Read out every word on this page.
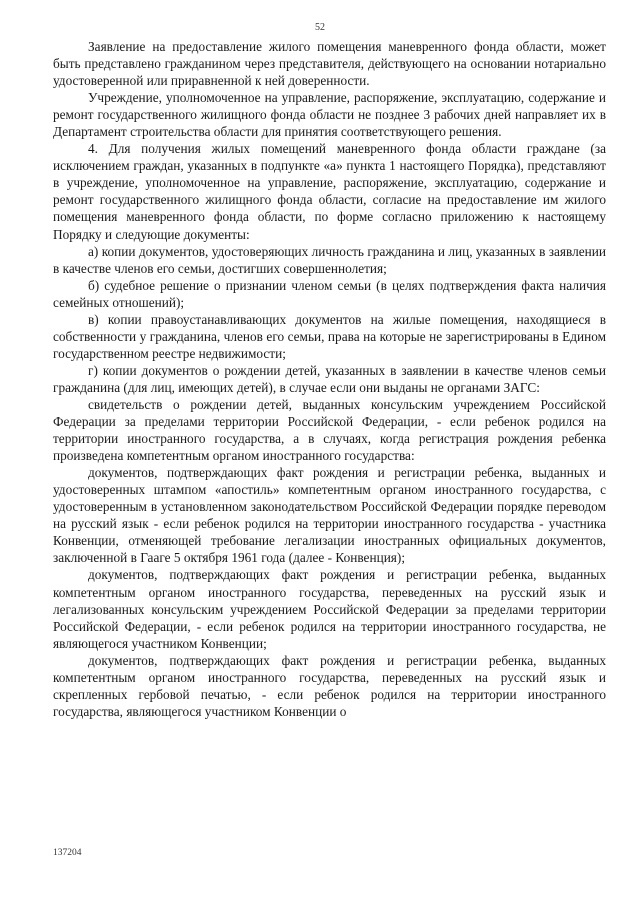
52

Заявление на предоставление жилого помещения маневренного фонда области, может быть представлено гражданином через представителя, действующего на основании нотариально удостоверенной или приравненной к ней доверенности.

Учреждение, уполномоченное на управление, распоряжение, эксплуатацию, содержание и ремонт государственного жилищного фонда области не позднее 3 рабочих дней направляет их в Департамент строительства области для принятия соответствующего решения.

4. Для получения жилых помещений маневренного фонда области граждане (за исключением граждан, указанных в подпункте «а» пункта 1 настоящего Порядка), представляют в учреждение, уполномоченное на управление, распоряжение, эксплуатацию, содержание и ремонт государственного жилищного фонда области, согласие на предоставление им жилого помещения маневренного фонда области, по форме согласно приложению к настоящему Порядку и следующие документы:

а) копии документов, удостоверяющих личность гражданина и лиц, указанных в заявлении в качестве членов его семьи, достигших совершеннолетия;

б) судебное решение о признании членом семьи (в целях подтверждения факта наличия семейных отношений);

в) копии правоустанавливающих документов на жилые помещения, находящиеся в собственности у гражданина, членов его семьи, права на которые не зарегистрированы в Едином государственном реестре недвижимости;

г) копии документов о рождении детей, указанных в заявлении в качестве членов семьи гражданина (для лиц, имеющих детей), в случае если они выданы не органами ЗАГС:

свидетельств о рождении детей, выданных консульским учреждением Российской Федерации за пределами территории Российской Федерации, - если ребенок родился на территории иностранного государства, а в случаях, когда регистрация рождения ребенка произведена компетентным органом иностранного государства:

документов, подтверждающих факт рождения и регистрации ребенка, выданных и удостоверенных штампом «апостиль» компетентным органом иностранного государства, с удостоверенным в установленном законодательством Российской Федерации порядке переводом на русский язык - если ребенок родился на территории иностранного государства - участника Конвенции, отменяющей требование легализации иностранных официальных документов, заключенной в Гааге 5 октября 1961 года (далее - Конвенция);

документов, подтверждающих факт рождения и регистрации ребенка, выданных компетентным органом иностранного государства, переведенных на русский язык и легализованных консульским учреждением Российской Федерации за пределами территории Российской Федерации, - если ребенок родился на территории иностранного государства, не являющегося участником Конвенции;

документов, подтверждающих факт рождения и регистрации ребенка, выданных компетентным органом иностранного государства, переведенных на русский язык и скрепленных гербовой печатью, - если ребенок родился на территории иностранного государства, являющегося участником Конвенции о

137204
